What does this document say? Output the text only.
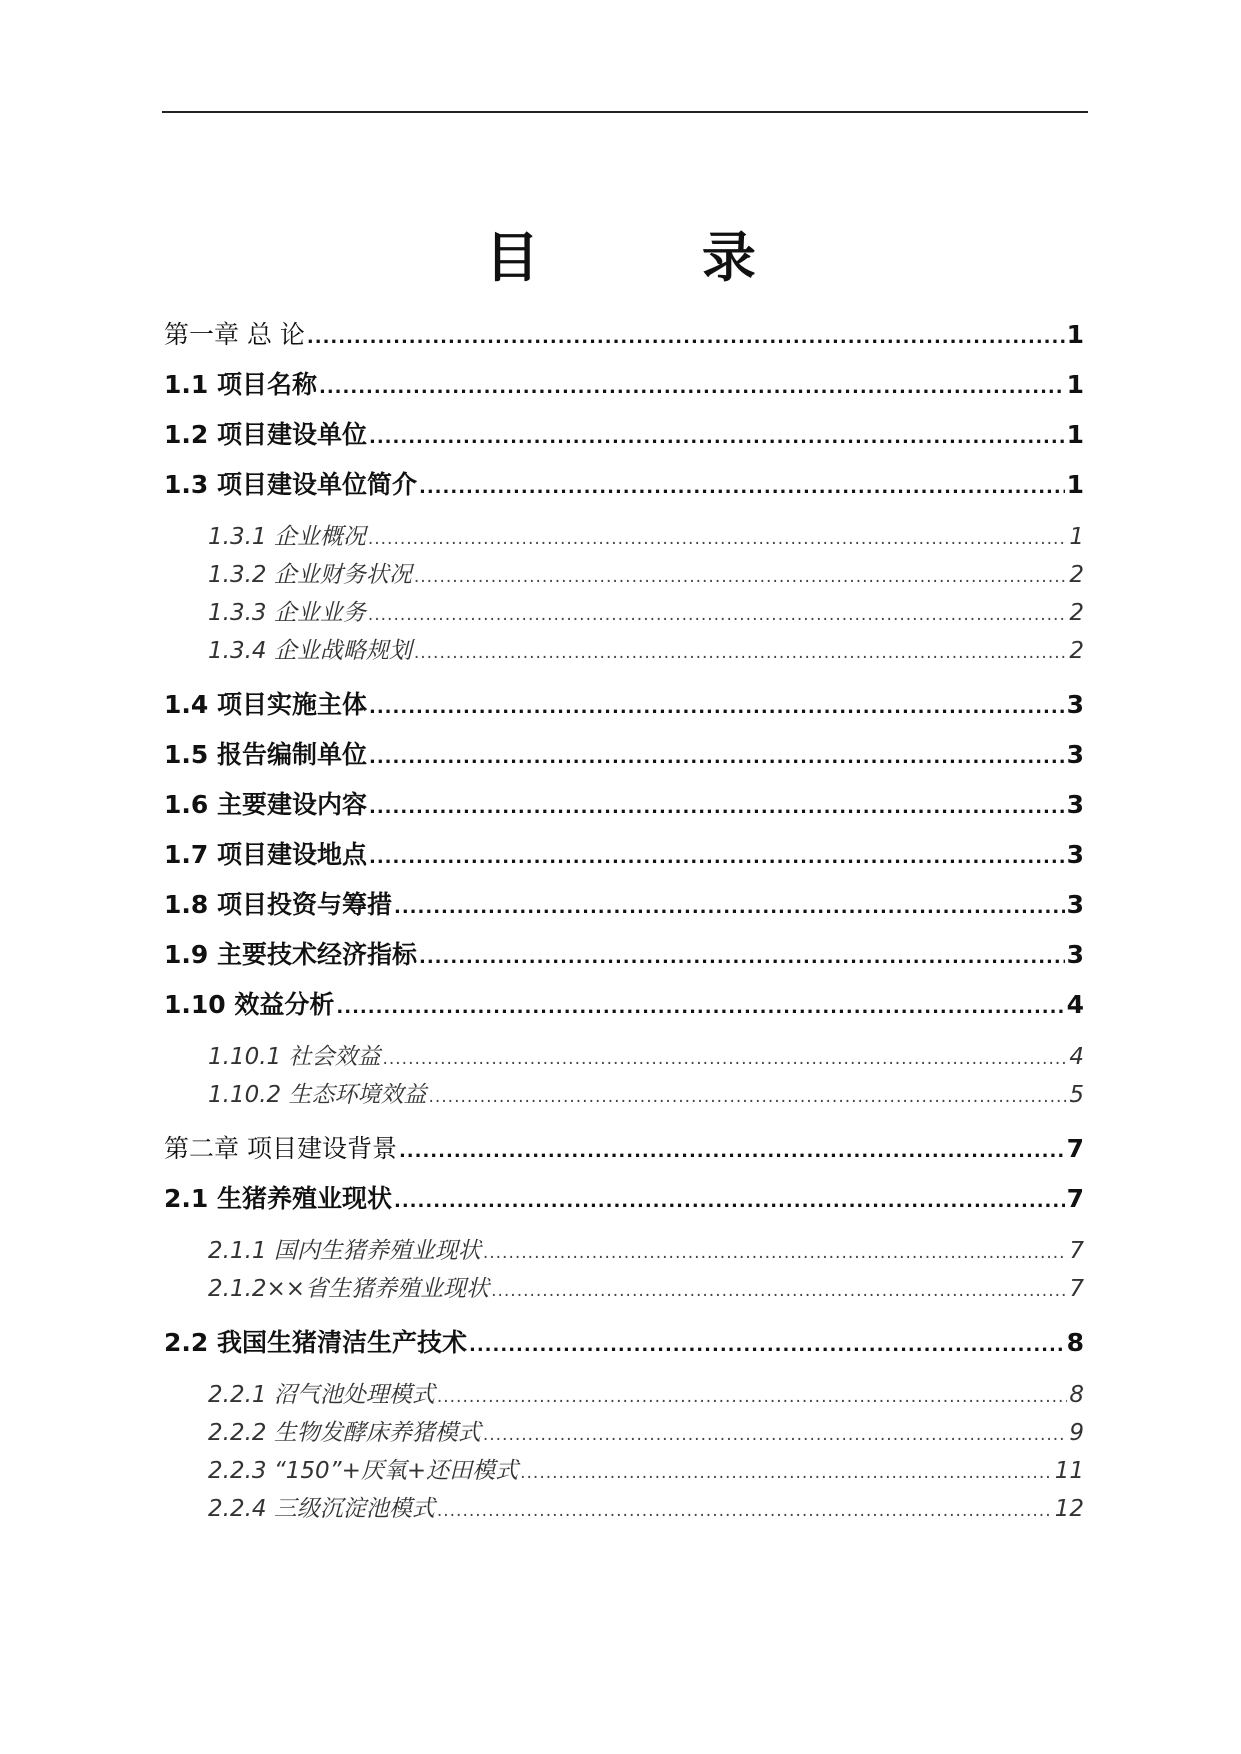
目 录
第一章 总 论 .....	1
1.1 项目名称 .....	1
1.2 项目建设单位 .....	1
1.3 项目建设单位简介 .....	1
1.3.1 企业概况 .....	1
1.3.2 企业财务状况 .....	2
1.3.3 企业业务 .....	2
1.3.4 企业战略规划 .....	2
1.4 项目实施主体 .....	3
1.5 报告编制单位 .....	3
1.6 主要建设内容 .....	3
1.7 项目建设地点 .....	3
1.8 项目投资与筹措 .....	3
1.9 主要技术经济指标 .....	3
1.10 效益分析 .....	4
1.10.1 社会效益 .....	4
1.10.2 生态环境效益 .....	5
第二章 项目建设背景 .....	7
2.1 生猪养殖业现状 .....	7
2.1.1 国内生猪养殖业现状 .....	7
2.1.2××省生猪养殖业现状 .....	7
2.2 我国生猪清洁生产技术 .....	8
2.2.1 沼气池处理模式 .....	8
2.2.2 生物发酵床养猪模式 .....	9
2.2.3 “150”+厌氧+还田模式 .....	11
2.2.4 三级沉淀池模式 .....	12
